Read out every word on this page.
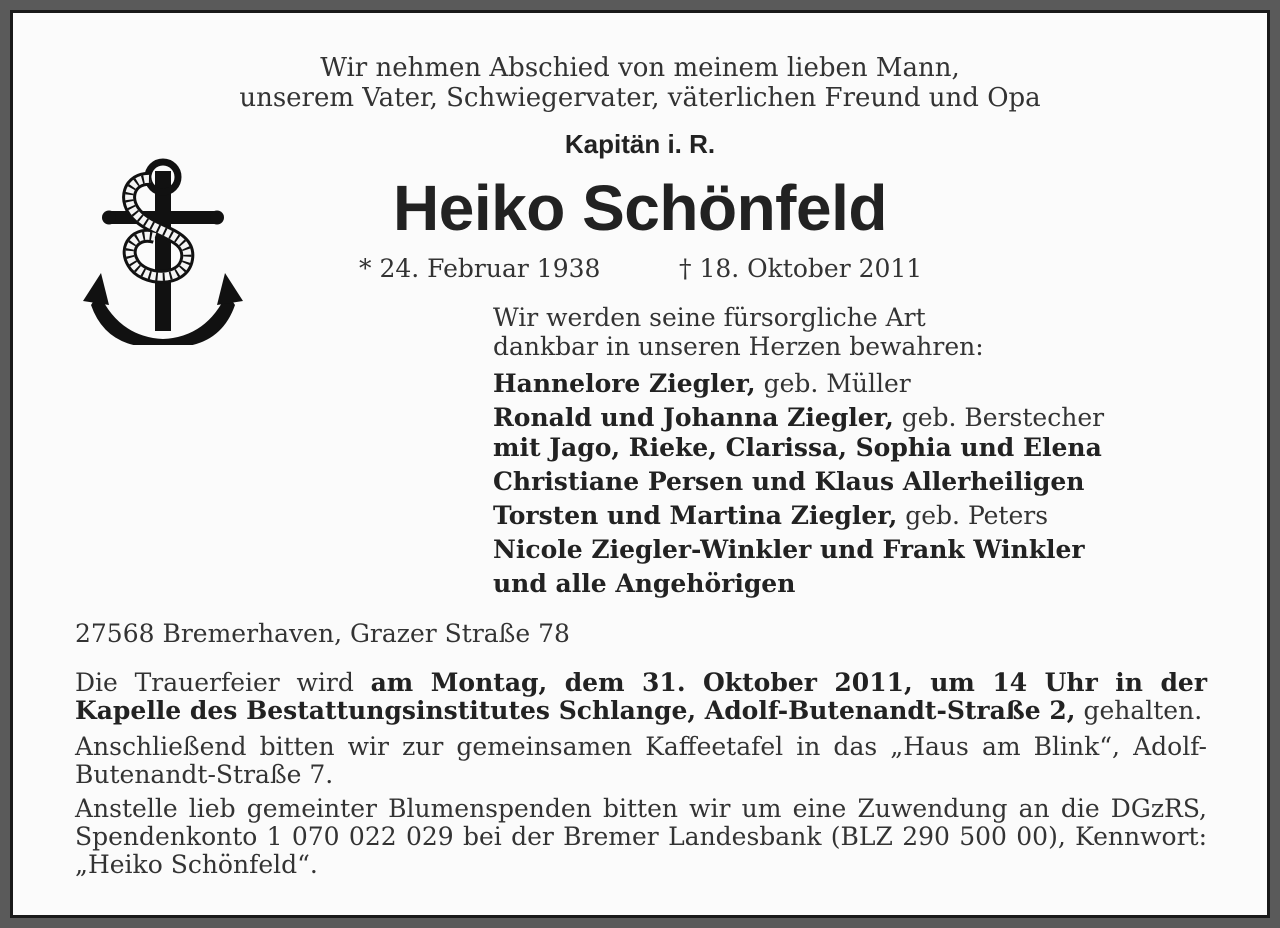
Wir nehmen Abschied von meinem lieben Mann,
unserem Vater, Schwiegervater, väterlichen Freund und Opa
Kapitän i. R.
Heiko Schönfeld
* 24. Februar 1938	† 18. Oktober 2011
Wir werden seine fürsorgliche Art
dankbar in unseren Herzen bewahren:
Hannelore Ziegler, geb. Müller
Ronald und Johanna Ziegler, geb. Berstecher
mit Jago, Rieke, Clarissa, Sophia und Elena
Christiane Persen und Klaus Allerheiligen
Torsten und Martina Ziegler, geb. Peters
Nicole Ziegler-Winkler und Frank Winkler
und alle Angehörigen
27568 Bremerhaven, Grazer Straße 78
Die Trauerfeier wird am Montag, dem 31. Oktober 2011, um 14 Uhr in der Kapelle des Bestattungsinstitutes Schlange, Adolf-Butenandt-Straße 2, gehalten.
Anschließend bitten wir zur gemeinsamen Kaffeetafel in das „Haus am Blink“, Adolf-Butenandt-Straße 7.
Anstelle lieb gemeinter Blumenspenden bitten wir um eine Zuwendung an die DGzRS, Spendenkonto 1 070 022 029 bei der Bremer Landesbank (BLZ 290 500 00), Kennwort: „Heiko Schönfeld“.
